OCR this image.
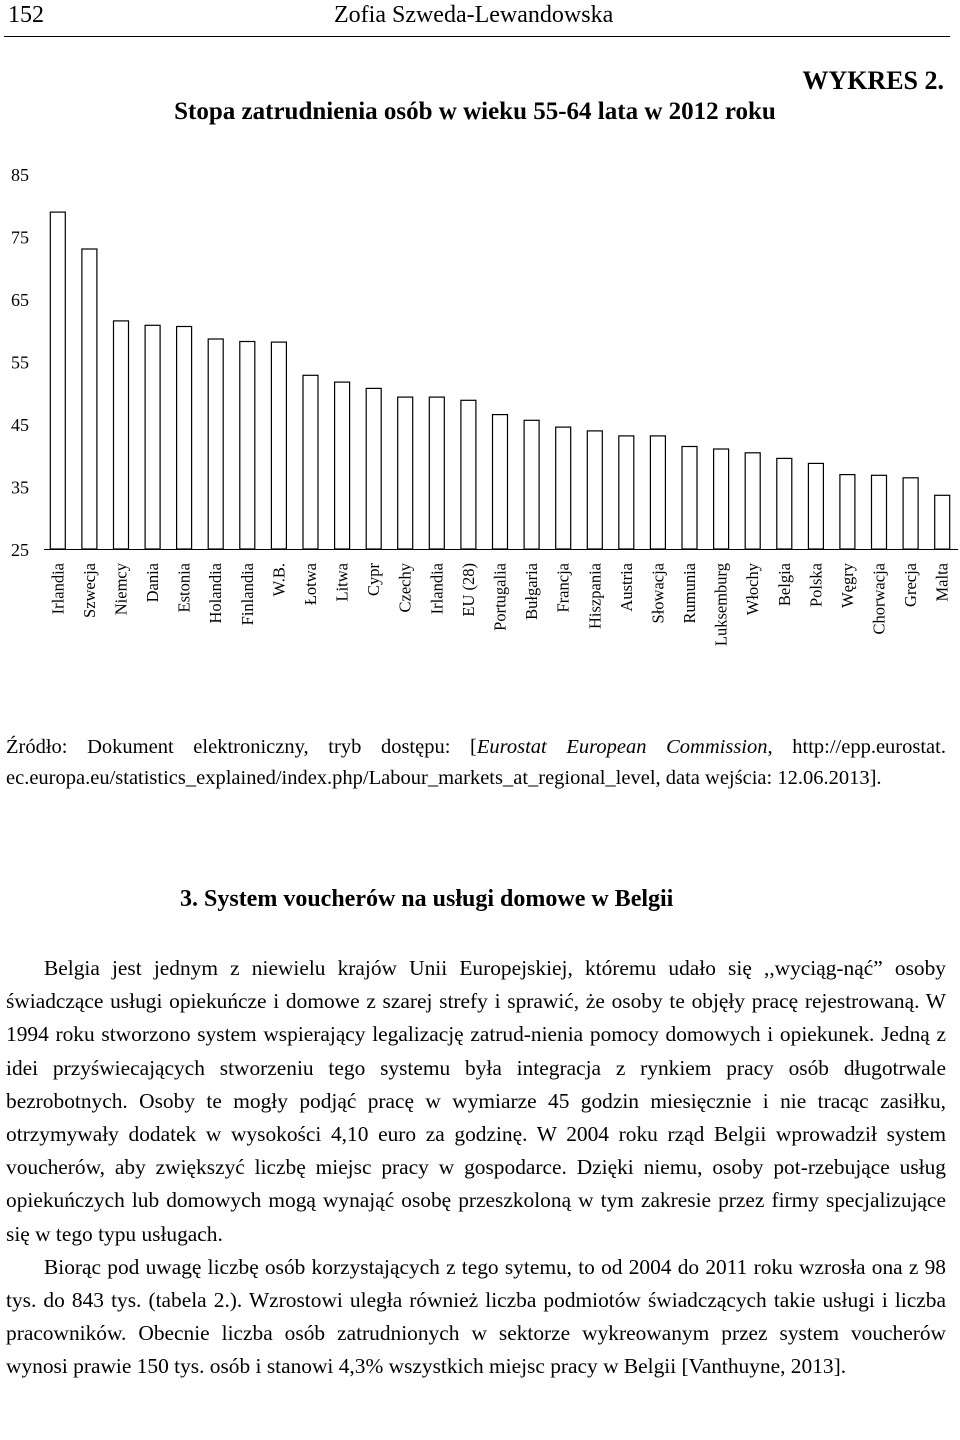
152	Zofia Szweda-Lewandowska
WYKRES 2.
Stopa zatrudnienia osób w wieku 55-64 lata w 2012 roku
85
75
65
55
45
35
25
Irlandia Szwecja Niemcy Dania Estonia Holandia Finlandia W.B. Łotwa Litwa Cypr Czechy Irlandia EU (28) Portugalia Bułgaria Francja Hiszpania Austria Słowacja Rumunia Luksemburg Włochy Belgia Polska Węgry Chorwacja Grecja Malta
Źródło: Dokument elektroniczny, tryb dostępu: [Eurostat European Commission, http://epp.eurostat. ec.europa.eu/statistics_explained/index.php/Labour_markets_at_regional_level, data wejścia: 12.06.2013].
3. System voucherów na usługi domowe w Belgii

Belgia jest jednym z niewielu krajów Unii Europejskiej, któremu udało się ,,wyciąg-nąć” osoby świadczące usługi opiekuńcze i domowe z szarej strefy i sprawić, że osoby te objęły pracę rejestrowaną. W 1994 roku stworzono system wspierający legalizację zatrud-nienia pomocy domowych i opiekunek. Jedną z idei przyświecających stworzeniu tego systemu była integracja z rynkiem pracy osób długotrwale bezrobotnych. Osoby te mogły podjąć pracę w wymiarze 45 godzin miesięcznie i nie tracąc zasiłku, otrzymywały dodatek w wysokości 4,10 euro za godzinę. W 2004 roku rząd Belgii wprowadził system voucherów, aby zwiększyć liczbę miejsc pracy w gospodarce. Dzięki niemu, osoby pot-rzebujące usług opiekuńczych lub domowych mogą wynająć osobę przeszkoloną w tym zakresie przez firmy specjalizujące się w tego typu usługach.

Biorąc pod uwagę liczbę osób korzystających z tego sytemu, to od 2004 do 2011 roku wzrosła ona z 98 tys. do 843 tys. (tabela 2.). Wzrostowi uległa również liczba podmiotów świadczących takie usługi i liczba pracowników. Obecnie liczba osób zatrudnionych w sektorze wykreowanym przez system voucherów wynosi prawie 150 tys. osób i stanowi 4,3% wszystkich miejsc pracy w Belgii [Vanthuyne, 2013].
